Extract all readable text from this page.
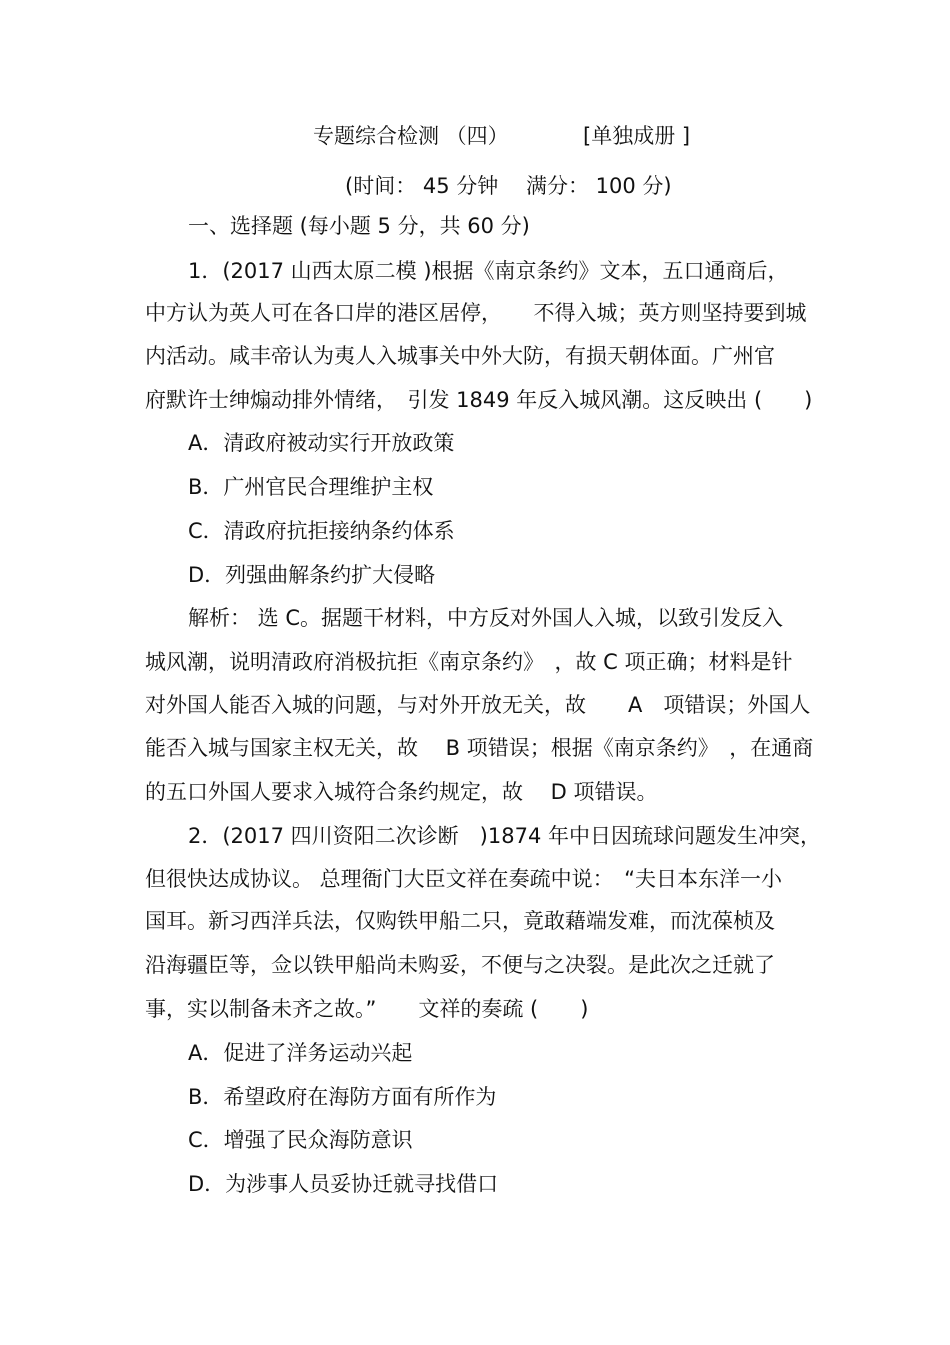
专题综合检测 （四）	[单独成册 ]
(时间： 45 分钟　 满分： 100 分)
一、选择题 (每小题 5 分，共 60 分)
1．(2017 山西太原二模 )根据《南京条约》文本，五口通商后，
中方认为英人可在各口岸的港区居停，　　不得入城；英方则坚持要到城
内活动。咸丰帝认为夷人入城事关中外大防，有损天朝体面。广州官
府默许士绅煽动排外情绪，　引发 1849 年反入城风潮。这反映出 (　　)
A．清政府被动实行开放政策
B．广州官民合理维护主权
C．清政府抗拒接纳条约体系
D．列强曲解条约扩大侵略
解析： 选 C。据题干材料，中方反对外国人入城，以致引发反入
城风潮，说明清政府消极抗拒《南京条约》　，故 C 项正确；材料是针
对外国人能否入城的问题，与对外开放无关，故　　A　项错误；外国人
能否入城与国家主权无关，故　 B 项错误；根据《南京条约》　，在通商
的五口外国人要求入城符合条约规定，故　 D 项错误。
2．(2017 四川资阳二次诊断　)1874 年中日因琉球问题发生冲突，
但很快达成协议。 总理衙门大臣文祥在奏疏中说：　“夫日本东洋一小
国耳。新习西洋兵法，仅购铁甲船二只，竟敢藉端发难，而沈葆桢及
沿海疆臣等，佥以铁甲船尚未购妥，不便与之决裂。是此次之迁就了
事，实以制备未齐之故。”　　文祥的奏疏 (　　)
A．促进了洋务运动兴起
B．希望政府在海防方面有所作为
C．增强了民众海防意识
D．为涉事人员妥协迁就寻找借口
